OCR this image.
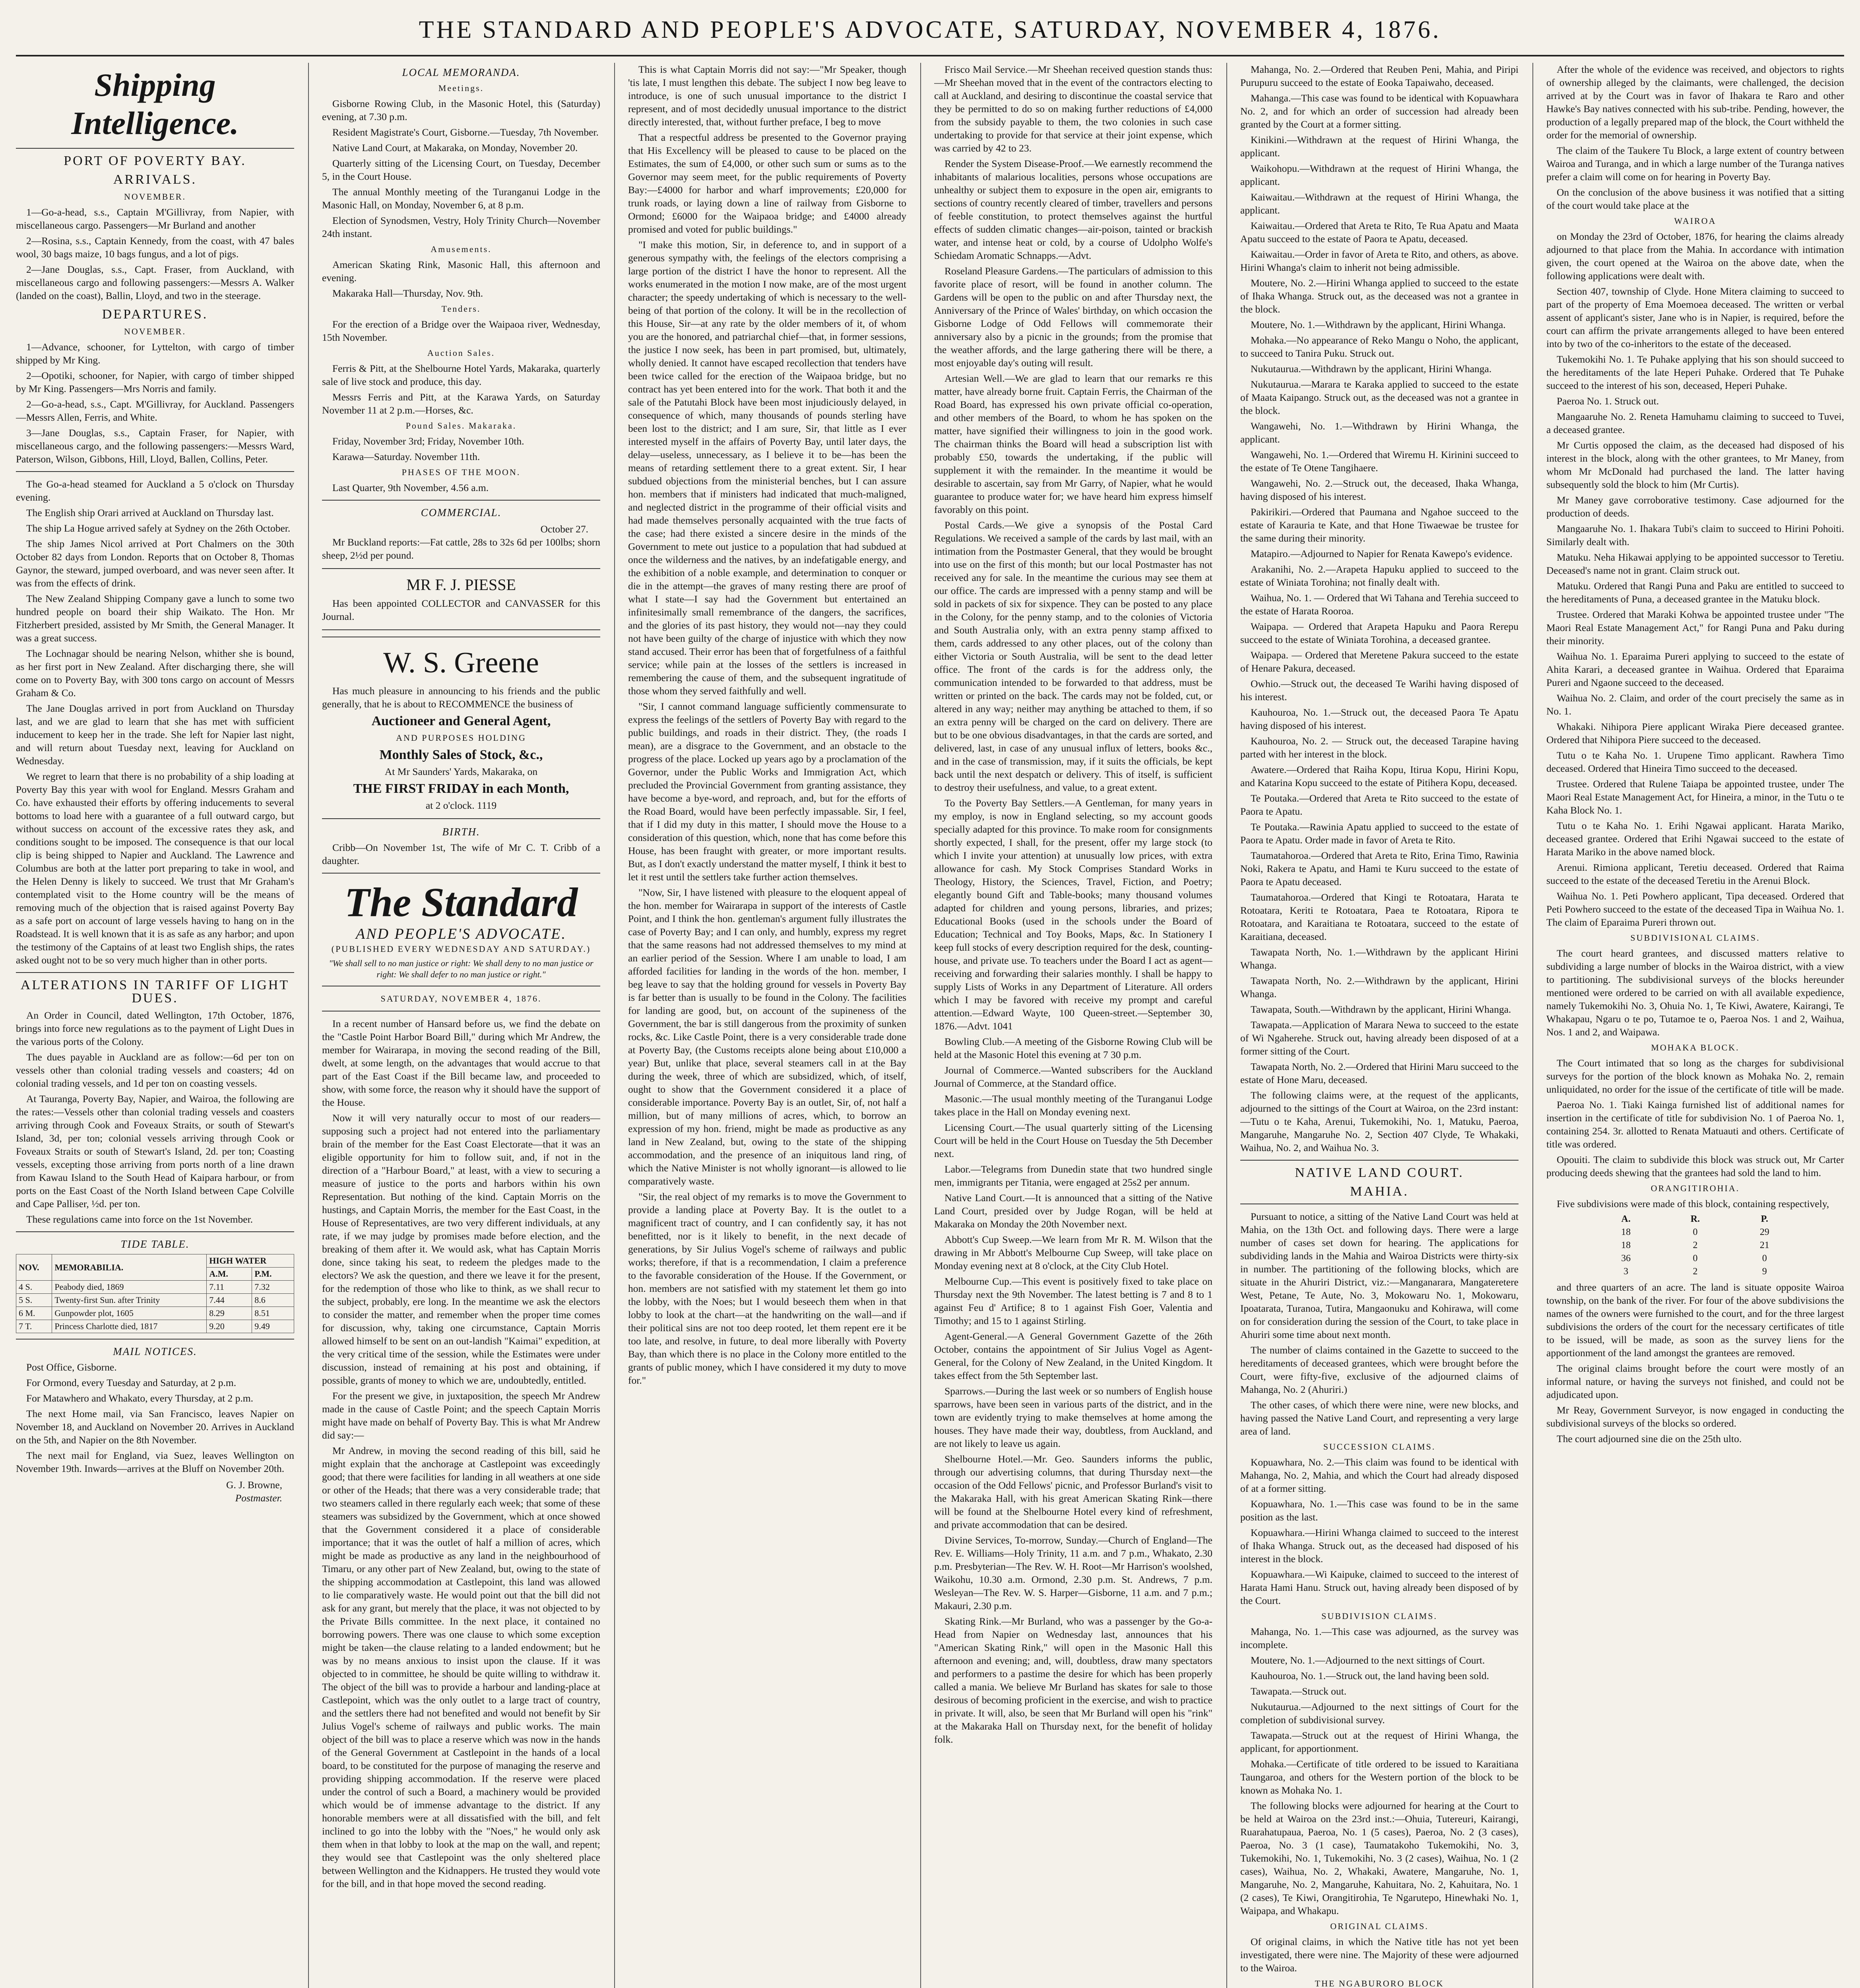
THE STANDARD AND PEOPLE'S ADVOCATE, SATURDAY, NOVEMBER 4, 1876.
Shipping Intelligence.
PORT OF POVERTY BAY.
ARRIVALS.
NOVEMBER.

1—Go-a-head, s.s., Captain M'Gillivray, from Napier, with miscellaneous cargo. Passengers—Mr Burland and another

2—Rosina, s.s., Captain Kennedy, from the coast, with 47 bales wool, 30 bags maize, 10 bags fungus, and a lot of pigs.

2—Jane Douglas, s.s., Capt. Fraser, from Auckland, with miscellaneous cargo and following passengers:—Messrs A. Walker (landed on the coast), Ballin, Lloyd, and two in the steerage.

DEPARTURES.
NOVEMBER.

1—Advance, schooner, for Lyttelton, with cargo of timber shipped by Mr King.

2—Opotiki, schooner, for Napier, with cargo of timber shipped by Mr King. Passengers—Mrs Norris and family.

2—Go-a-head, s.s., Capt. M'Gillivray, for Auckland. Passengers—Messrs Allen, Ferris, and White.

3—Jane Douglas, s.s., Captain Fraser, for Napier, with miscellaneous cargo, and the following passengers:—Messrs Ward, Paterson, Wilson, Gibbons, Hill, Lloyd, Ballen, Collins, Peter.

The Go-a-head steamed for Auckland a 5 o'clock on Thursday evening.

The English ship Orari arrived at Auckland on Thursday last.

The ship La Hogue arrived safely at Sydney on the 26th October.

The ship James Nicol arrived at Port Chalmers on the 30th October 82 days from London. Reports that on October 8, Thomas Gaynor, the steward, jumped overboard, and was never seen after. It was from the effects of drink.

The New Zealand Shipping Company gave a lunch to some two hundred people on board their ship Waikato. The Hon. Mr Fitzherbert presided, assisted by Mr Smith, the General Manager. It was a great success.

The Lochnagar should be nearing Nelson, whither she is bound, as her first port in New Zealand. After discharging there, she will come on to Poverty Bay, with 300 tons cargo on account of Messrs Graham & Co.

The Jane Douglas arrived in port from Auckland on Thursday last, and we are glad to learn that she has met with sufficient inducement to keep her in the trade. She left for Napier last night, and will return about Tuesday next, leaving for Auckland on Wednesday.

We regret to learn that there is no probability of a ship loading at Poverty Bay this year with wool for England. Messrs Graham and Co. have exhausted their efforts by offering inducements to several bottoms to load here with a guarantee of a full outward cargo, but without success on account of the excessive rates they ask, and conditions sought to be imposed. The consequence is that our local clip is being shipped to Napier and Auckland. The Lawrence and Columbus are both at the latter port preparing to take in wool, and the Helen Denny is likely to succeed. We trust that Mr Graham's contemplated visit to the Home country will be the means of removing much of the objection that is raised against Poverty Bay as a safe port on account of large vessels having to hang on in the Roadstead. It is well known that it is as safe as any harbor; and upon the testimony of the Captains of at least two English ships, the rates asked ought not to be so very much higher than in other ports.

ALTERATIONS IN TARIFF OF LIGHT DUES.

An Order in Council, dated Wellington, 17th October, 1876, brings into force new regulations as to the payment of Light Dues in the various ports of the Colony.

The dues payable in Auckland are as follow:—6d per ton on vessels other than colonial trading vessels and coasters; 4d on colonial trading vessels, and 1d per ton on coasting vessels.

At Tauranga, Poverty Bay, Napier, and Wairoa, the following are the rates:—Vessels other than colonial trading vessels and coasters arriving through Cook and Foveaux Straits, or south of Stewart's Island, 3d, per ton; colonial vessels arriving through Cook or Foveaux Straits or south of Stewart's Island, 2d. per ton; Coasting vessels, excepting those arriving from ports north of a line drawn from Kawau Island to the South Head of Kaipara harbour, or from ports on the East Coast of the North Island between Cape Colville and Cape Palliser, ½d. per ton.

These regulations came into force on the 1st November.

TIDE TABLE.
NOV.	MEMORABILIA.	HIGH WATER	
		A.M.	P.M.
4 S.	Peabody died, 1869	7.11	7.32
5 S.	Twenty-first Sun. after Trinity	7.44	8.6
6 M.	Gunpowder plot, 1605	8.29	8.51
7 T.	Princess Charlotte died, 1817	9.20	9.49
MAIL NOTICES.

Post Office, Gisborne.

For Ormond, every Tuesday and Saturday, at 2 p.m.

For Matawhero and Whakato, every Thursday, at 2 p.m.

The next Home mail, via San Francisco, leaves Napier on November 18, and Auckland on November 20. Arrives in Auckland on the 5th, and Napier on the 8th November.

The next mail for England, via Suez, leaves Wellington on November 19th. Inwards—arrives at the Bluff on November 20th.

G. J. Browne,

Postmaster.

LOCAL MEMORANDA.
Meetings.

Gisborne Rowing Club, in the Masonic Hotel, this (Saturday) evening, at 7.30 p.m.

Resident Magistrate's Court, Gisborne.—Tuesday, 7th November.

Native Land Court, at Makaraka, on Monday, November 20.

Quarterly sitting of the Licensing Court, on Tuesday, December 5, in the Court House.

The annual Monthly meeting of the Turanganui Lodge in the Masonic Hall, on Monday, November 6, at 8 p.m.

Election of Synodsmen, Vestry, Holy Trinity Church—November 24th instant.

Amusements.

American Skating Rink, Masonic Hall, this afternoon and evening.

Makaraka Hall—Thursday, Nov. 9th.

Tenders.

For the erection of a Bridge over the Waipaoa river, Wednesday, 15th November.

Auction Sales.

Ferris & Pitt, at the Shelbourne Hotel Yards, Makaraka, quarterly sale of live stock and produce, this day.

Messrs Ferris and Pitt, at the Karawa Yards, on Saturday November 11 at 2 p.m.—Horses, &c.

Pound Sales. Makaraka.

Friday, November 3rd; Friday, November 10th.

Karawa—Saturday. November 11th.

PHASES OF THE MOON.

Last Quarter, 9th November, 4.56 a.m.

COMMERCIAL.

October 27.

Mr Buckland reports:—Fat cattle, 28s to 32s 6d per 100lbs; shorn sheep, 2½d per pound.

MR F. J. PIESSE

Has been appointed COLLECTOR and CANVASSER for this Journal.

W. S. Greene

Has much pleasure in announcing to his friends and the public generally, that he is about to RECOMMENCE the business of

Auctioneer and General Agent,
AND PURPOSES HOLDING
Monthly Sales of Stock, &c.,

At Mr Saunders' Yards, Makaraka, on

THE FIRST FRIDAY in each Month,

at 2 o'clock. 1119

BIRTH.

Cribb—On November 1st, The wife of Mr C. T. Cribb of a daughter.

The Standard
AND PEOPLE'S ADVOCATE.
(PUBLISHED EVERY WEDNESDAY AND SATURDAY.)
"We shall sell to no man justice or right: We shall deny to no man justice or right: We shall defer to no man justice or right."
SATURDAY, NOVEMBER 4, 1876.

In a recent number of Hansard before us, we find the debate on the "Castle Point Harbor Board Bill," during which Mr Andrew, the member for Wairarapa, in moving the second reading of the Bill, dwelt, at some length, on the advantages that would accrue to that part of the East Coast if the Bill became law, and proceeded to show, with some force, the reason why it should have the support of the House.

Now it will very naturally occur to most of our readers—supposing such a project had not entered into the parliamentary brain of the member for the East Coast Electorate—that it was an eligible opportunity for him to follow suit, and, if not in the direction of a "Harbour Board," at least, with a view to securing a measure of justice to the ports and harbors within his own Representation. But nothing of the kind. Captain Morris on the hustings, and Captain Morris, the member for the East Coast, in the House of Representatives, are two very different individuals, at any rate, if we may judge by promises made before election, and the breaking of them after it. We would ask, what has Captain Morris done, since taking his seat, to redeem the pledges made to the electors? We ask the question, and there we leave it for the present, for the redemption of those who like to think, as we shall recur to the subject, probably, ere long. In the meantime we ask the electors to consider the matter, and remember when the proper time comes for discussion, why, taking one circumstance, Captain Morris allowed himself to be sent on an out-landish "Kaimai" expedition, at the very critical time of the session, while the Estimates were under discussion, instead of remaining at his post and obtaining, if possible, grants of money to which we are, undoubtedly, entitled.

For the present we give, in juxtaposition, the speech Mr Andrew made in the cause of Castle Point; and the speech Captain Morris might have made on behalf of Poverty Bay. This is what Mr Andrew did say:—

Mr Andrew, in moving the second reading of this bill, said he might explain that the anchorage at Castlepoint was exceedingly good; that there were facilities for landing in all weathers at one side or other of the Heads; that there was a very considerable trade; that two steamers called in there regularly each week; that some of these steamers was subsidized by the Government, which at once showed that the Government considered it a place of considerable importance; that it was the outlet of half a million of acres, which might be made as productive as any land in the neighbourhood of Timaru, or any other part of New Zealand, but, owing to the state of the shipping accommodation at Castlepoint, this land was allowed to lie comparatively waste. He would point out that the bill did not ask for any grant, but merely that the place, it was not objected to by the Private Bills committee. In the next place, it contained no borrowing powers. There was one clause to which some exception might be taken—the clause relating to a landed endowment; but he was by no means anxious to insist upon the clause. If it was objected to in committee, he should be quite willing to withdraw it. The object of the bill was to provide a harbour and landing-place at Castlepoint, which was the only outlet to a large tract of country, and the settlers there had not benefited and would not benefit by Sir Julius Vogel's scheme of railways and public works. The main object of the bill was to place a reserve which was now in the hands of the General Government at Castlepoint in the hands of a local board, to be constituted for the purpose of managing the reserve and providing shipping accommodation. If the reserve were placed under the control of such a Board, a machinery would be provided which would be of immense advantage to the district. If any honorable members were at all dissatisfied with the bill, and felt inclined to go into the lobby with the "Noes," he would only ask them when in that lobby to look at the map on the wall, and repent; they would see that Castlepoint was the only sheltered place between Wellington and the Kidnappers. He trusted they would vote for the bill, and in that hope moved the second reading.

This is what Captain Morris did not say:—"Mr Speaker, though 'tis late, I must lengthen this debate. The subject I now beg leave to introduce, is one of such unusual importance to the district I represent, and of most decidedly unusual importance to the district directly interested, that, without further preface, I beg to move

That a respectful address be presented to the Governor praying that His Excellency will be pleased to cause to be placed on the Estimates, the sum of £4,000, or other such sum or sums as to the Governor may seem meet, for the public requirements of Poverty Bay:—£4000 for harbor and wharf improvements; £20,000 for trunk roads, or laying down a line of railway from Gisborne to Ormond; £6000 for the Waipaoa bridge; and £4000 already promised and voted for public buildings."

"I make this motion, Sir, in deference to, and in support of a generous sympathy with, the feelings of the electors comprising a large portion of the district I have the honor to represent. All the works enumerated in the motion I now make, are of the most urgent character; the speedy undertaking of which is necessary to the well-being of that portion of the colony. It will be in the recollection of this House, Sir—at any rate by the older members of it, of whom you are the honored, and patriarchal chief—that, in former sessions, the justice I now seek, has been in part promised, but, ultimately, wholly denied. It cannot have escaped recollection that tenders have been twice called for the erection of the Waipaoa bridge, but no contract has yet been entered into for the work. That both it and the sale of the Patutahi Block have been most injudiciously delayed, in consequence of which, many thousands of pounds sterling have been lost to the district; and I am sure, Sir, that little as I ever interested myself in the affairs of Poverty Bay, until later days, the delay—useless, unnecessary, as I believe it to be—has been the means of retarding settlement there to a great extent. Sir, I hear subdued objections from the ministerial benches, but I can assure hon. members that if ministers had indicated that much-maligned, and neglected district in the programme of their official visits and had made themselves personally acquainted with the true facts of the case; had there existed a sincere desire in the minds of the Government to mete out justice to a population that had subdued at once the wilderness and the natives, by an indefatigable energy, and the exhibition of a noble example, and determination to conquer or die in the attempt—the graves of many resting there are proof of what I state—I say had the Government but entertained an infinitesimally small remembrance of the dangers, the sacrifices, and the glories of its past history, they would not—nay they could not have been guilty of the charge of injustice with which they now stand accused. Their error has been that of forgetfulness of a faithful service; while pain at the losses of the settlers is increased in remembering the cause of them, and the subsequent ingratitude of those whom they served faithfully and well.

"Sir, I cannot command language sufficiently commensurate to express the feelings of the settlers of Poverty Bay with regard to the public buildings, and roads in their district. They, (the roads I mean), are a disgrace to the Government, and an obstacle to the progress of the place. Locked up years ago by a proclamation of the Governor, under the Public Works and Immigration Act, which precluded the Provincial Government from granting assistance, they have become a bye-word, and reproach, and, but for the efforts of the Road Board, would have been perfectly impassable. Sir, I feel, that if I did my duty in this matter, I should move the House to a consideration of this question, which, none that has come before this House, has been fraught with greater, or more important results. But, as I don't exactly understand the matter myself, I think it best to let it rest until the settlers take further action themselves.

"Now, Sir, I have listened with pleasure to the eloquent appeal of the hon. member for Wairarapa in support of the interests of Castle Point, and I think the hon. gentleman's argument fully illustrates the case of Poverty Bay; and I can only, and humbly, express my regret that the same reasons had not addressed themselves to my mind at an earlier period of the Session. Where I am unable to load, I am afforded facilities for landing in the words of the hon. member, I beg leave to say that the holding ground for vessels in Poverty Bay is far better than is usually to be found in the Colony. The facilities for landing are good, but, on account of the supineness of the Government, the bar is still dangerous from the proximity of sunken rocks, &c. Like Castle Point, there is a very considerable trade done at Poverty Bay, (the Customs receipts alone being about £10,000 a year) But, unlike that place, several steamers call in at the Bay during the week, three of which are subsidized, which, of itself, ought to show that the Government considered it a place of considerable importance. Poverty Bay is an outlet, Sir, of, not half a million, but of many millions of acres, which, to borrow an expression of my hon. friend, might be made as productive as any land in New Zealand, but, owing to the state of the shipping accommodation, and the presence of an iniquitous land ring, of which the Native Minister is not wholly ignorant—is allowed to lie comparatively waste.

"Sir, the real object of my remarks is to move the Government to provide a landing place at Poverty Bay. It is the outlet to a magnificent tract of country, and I can confidently say, it has not benefitted, nor is it likely to benefit, in the next decade of generations, by Sir Julius Vogel's scheme of railways and public works; therefore, if that is a recommendation, I claim a preference to the favorable consideration of the House. If the Government, or hon. members are not satisfied with my statement let them go into the lobby, with the Noes; but I would beseech them when in that lobby to look at the chart—at the handwriting on the wall—and if their political sins are not too deep rooted, let them repent ere it be too late, and resolve, in future, to deal more liberally with Poverty Bay, than which there is no place in the Colony more entitled to the grants of public money, which I have considered it my duty to move for."

Frisco Mail Service.—Mr Sheehan received question stands thus:—Mr Sheehan moved that in the event of the contractors electing to call at Auckland, and desiring to discontinue the coastal service that they be permitted to do so on making further reductions of £4,000 from the subsidy payable to them, the two colonies in such case undertaking to provide for that service at their joint expense, which was carried by 42 to 23.

Render the System Disease-Proof.—We earnestly recommend the inhabitants of malarious localities, persons whose occupations are unhealthy or subject them to exposure in the open air, emigrants to sections of country recently cleared of timber, travellers and persons of feeble constitution, to protect themselves against the hurtful effects of sudden climatic changes—air-poison, tainted or brackish water, and intense heat or cold, by a course of Udolpho Wolfe's Schiedam Aromatic Schnapps.—Advt.

Roseland Pleasure Gardens.—The particulars of admission to this favorite place of resort, will be found in another column. The Gardens will be open to the public on and after Thursday next, the Anniversary of the Prince of Wales' birthday, on which occasion the Gisborne Lodge of Odd Fellows will commemorate their anniversary also by a picnic in the grounds; from the promise that the weather affords, and the large gathering there will be there, a most enjoyable day's outing will result.

Artesian Well.—We are glad to learn that our remarks re this matter, have already borne fruit. Captain Ferris, the Chairman of the Road Board, has expressed his own private official co-operation, and other members of the Board, to whom he has spoken on the matter, have signified their willingness to join in the good work. The chairman thinks the Board will head a subscription list with probably £50, towards the undertaking, if the public will supplement it with the remainder. In the meantime it would be desirable to ascertain, say from Mr Garry, of Napier, what he would guarantee to produce water for; we have heard him express himself favorably on this point.

Postal Cards.—We give a synopsis of the Postal Card Regulations. We received a sample of the cards by last mail, with an intimation from the Postmaster General, that they would be brought into use on the first of this month; but our local Postmaster has not received any for sale. In the meantime the curious may see them at our office. The cards are impressed with a penny stamp and will be sold in packets of six for sixpence. They can be posted to any place in the Colony, for the penny stamp, and to the colonies of Victoria and South Australia only, with an extra penny stamp affixed to them, cards addressed to any other places, out of the colony than either Victoria or South Australia, will be sent to the dead letter office. The front of the cards is for the address only, the communication intended to be forwarded to that address, must be written or printed on the back. The cards may not be folded, cut, or altered in any way; neither may anything be attached to them, if so an extra penny will be charged on the card on delivery. There are but to be one obvious disadvantages, in that the cards are sorted, and delivered, last, in case of any unusual influx of letters, books &c., and in the case of transmission, may, if it suits the officials, be kept back until the next despatch or delivery. This of itself, is sufficient to destroy their usefulness, and value, to a great extent.

To the Poverty Bay Settlers.—A Gentleman, for many years in my employ, is now in England selecting, so my account goods specially adapted for this province. To make room for consignments shortly expected, I shall, for the present, offer my large stock (to which I invite your attention) at unusually low prices, with extra allowance for cash. My Stock Comprises Standard Works in Theology, History, the Sciences, Travel, Fiction, and Poetry; elegantly bound Gift and Table-books; many thousand volumes adapted for children and young persons, libraries, and prizes; Educational Books (used in the schools under the Board of Education; Technical and Toy Books, Maps, &c. In Stationery I keep full stocks of every description required for the desk, counting-house, and private use. To teachers under the Board I act as agent—receiving and forwarding their salaries monthly. I shall be happy to supply Lists of Works in any Department of Literature. All orders which I may be favored with receive my prompt and careful attention.—Edward Wayte, 100 Queen-street.—September 30, 1876.—Advt. 1041

Bowling Club.—A meeting of the Gisborne Rowing Club will be held at the Masonic Hotel this evening at 7 30 p.m.

Journal of Commerce.—Wanted subscribers for the Auckland Journal of Commerce, at the Standard office.

Masonic.—The usual monthly meeting of the Turanganui Lodge takes place in the Hall on Monday evening next.

Licensing Court.—The usual quarterly sitting of the Licensing Court will be held in the Court House on Tuesday the 5th December next.

Labor.—Telegrams from Dunedin state that two hundred single men, immigrants per Titania, were engaged at 25s2 per annum.

Native Land Court.—It is announced that a sitting of the Native Land Court, presided over by Judge Rogan, will be held at Makaraka on Monday the 20th November next.

Abbott's Cup Sweep.—We learn from Mr R. M. Wilson that the drawing in Mr Abbott's Melbourne Cup Sweep, will take place on Monday evening next at 8 o'clock, at the City Club Hotel.

Melbourne Cup.—This event is positively fixed to take place on Thursday next the 9th November. The latest betting is 7 and 8 to 1 against Feu d' Artifice; 8 to 1 against Fish Goer, Valentia and Timothy; and 15 to 1 against Stirling.

Agent-General.—A General Government Gazette of the 26th October, contains the appointment of Sir Julius Vogel as Agent-General, for the Colony of New Zealand, in the United Kingdom. It takes effect from the 5th September last.

Sparrows.—During the last week or so numbers of English house sparrows, have been seen in various parts of the district, and in the town are evidently trying to make themselves at home among the houses. They have made their way, doubtless, from Auckland, and are not likely to leave us again.

Shelbourne Hotel.—Mr. Geo. Saunders informs the public, through our advertising columns, that during Thursday next—the occasion of the Odd Fellows' picnic, and Professor Burland's visit to the Makaraka Hall, with his great American Skating Rink—there will be found at the Shelbourne Hotel every kind of refreshment, and private accommodation that can be desired.

Divine Services, To-morrow, Sunday.—Church of England—The Rev. E. Williams—Holy Trinity, 11 a.m. and 7 p.m., Whakato, 2.30 p.m. Presbyterian—The Rev. W. H. Root—Mr Harrison's woolshed, Waikohu, 10.30 a.m. Ormond, 2.30 p.m. St. Andrews, 7 p.m. Wesleyan—The Rev. W. S. Harper—Gisborne, 11 a.m. and 7 p.m.; Makauri, 2.30 p.m.

Skating Rink.—Mr Burland, who was a passenger by the Go-a-Head from Napier on Wednesday last, announces that his "American Skating Rink," will open in the Masonic Hall this afternoon and evening; and, will, doubtless, draw many spectators and performers to a pastime the desire for which has been properly called a mania. We believe Mr Burland has skates for sale to those desirous of becoming proficient in the exercise, and wish to practice in private. It will, also, be seen that Mr Burland will open his "rink" at the Makaraka Hall on Thursday next, for the benefit of holiday folk.

Mahanga, No. 2.—Ordered that Reuben Peni, Mahia, and Piripi Purupuru succeed to the estate of Eooka Tapaiwaho, deceased.

Mahanga.—This case was found to be identical with Kopuawhara No. 2, and for which an order of succession had already been granted by the Court at a former sitting.

Kinikini.—Withdrawn at the request of Hirini Whanga, the applicant.

Waikohopu.—Withdrawn at the request of Hirini Whanga, the applicant.

Kaiwaitau.—Withdrawn at the request of Hirini Whanga, the applicant.

Kaiwaitau.—Ordered that Areta te Rito, Te Rua Apatu and Maata Apatu succeed to the estate of Paora te Apatu, deceased.

Kaiwaitau.—Order in favor of Areta te Rito, and others, as above. Hirini Whanga's claim to inherit not being admissible.

Moutere, No. 2.—Hirini Whanga applied to succeed to the estate of Ihaka Whanga. Struck out, as the deceased was not a grantee in the block.

Moutere, No. 1.—Withdrawn by the applicant, Hirini Whanga.

Mohaka.—No appearance of Reko Mangu o Noho, the applicant, to succeed to Tanira Puku. Struck out.

Nukutaurua.—Withdrawn by the applicant, Hirini Whanga.

Nukutaurua.—Marara te Karaka applied to succeed to the estate of Maata Kaipango. Struck out, as the deceased was not a grantee in the block.

Wangawehi, No. 1.—Withdrawn by Hirini Whanga, the applicant.

Wangawehi, No. 1.—Ordered that Wiremu H. Kirinini succeed to the estate of Te Otene Tangihaere.

Wangawehi, No. 2.—Struck out, the deceased, Ihaka Whanga, having disposed of his interest.

Pakirikiri.—Ordered that Paumana and Ngahoe succeed to the estate of Karauria te Kate, and that Hone Tiwaewae be trustee for the same during their minority.

Matapiro.—Adjourned to Napier for Renata Kawepo's evidence.

Arakanihi, No. 2.—Arapeta Hapuku applied to succeed to the estate of Winiata Torohina; not finally dealt with.

Waihua, No. 1. — Ordered that Wi Tahana and Terehia succeed to the estate of Harata Rooroa.

Waipapa. — Ordered that Arapeta Hapuku and Paora Rerepu succeed to the estate of Winiata Torohina, a deceased grantee.

Waipapa. — Ordered that Meretene Pakura succeed to the estate of Henare Pakura, deceased.

Owhio.—Struck out, the deceased Te Warihi having disposed of his interest.

Kauhouroa, No. 1.—Struck out, the deceased Paora Te Apatu having disposed of his interest.

Kauhouroa, No. 2. — Struck out, the deceased Tarapine having parted with her interest in the block.

Awatere.—Ordered that Raiha Kopu, Itirua Kopu, Hirini Kopu, and Katarina Kopu succeed to the estate of Pitihera Kopu, deceased.

Te Poutaka.—Ordered that Areta te Rito succeed to the estate of Paora te Apatu.

Te Poutaka.—Rawinia Apatu applied to succeed to the estate of Paora te Apatu. Order made in favor of Areta te Rito.

Taumatahoroa.—Ordered that Areta te Rito, Erina Timo, Rawinia Noki, Rakera te Apatu, and Hami te Kuru succeed to the estate of Paora te Apatu deceased.

Taumatahoroa.—Ordered that Kingi te Rotoatara, Harata te Rotoatara, Keriti te Rotoatara, Paea te Rotoatara, Ripora te Rotoatara, and Karaitiana te Rotoatara, succeed to the estate of Karaitiana, deceased.

Tawapata North, No. 1.—Withdrawn by the applicant Hirini Whanga.

Tawapata North, No. 2.—Withdrawn by the applicant, Hirini Whanga.

Tawapata, South.—Withdrawn by the applicant, Hirini Whanga.

Tawapata.—Application of Marara Newa to succeed to the estate of Wi Ngaherehe. Struck out, having already been disposed of at a former sitting of the Court.

Tawapata North, No. 2.—Ordered that Hirini Maru succeed to the estate of Hone Maru, deceased.

The following claims were, at the request of the applicants, adjourned to the sittings of the Court at Wairoa, on the 23rd instant:—Tutu o te Kaha, Arenui, Tukemokihi, No. 1, Matuku, Paeroa, Mangaruhe, Mangaruhe No. 2, Section 407 Clyde, Te Whakaki, Waihua, No. 2, and Waihua No. 3.

NATIVE LAND COURT.
MAHIA.

Pursuant to notice, a sitting of the Native Land Court was held at Mahia, on the 13th Oct. and following days. There were a large number of cases set down for hearing. The applications for subdividing lands in the Mahia and Wairoa Districts were thirty-six in number. The partitioning of the following blocks, which are situate in the Ahuriri District, viz.:—Manganarara, Mangateretere West, Petane, Te Aute, No. 3, Mokowaru No. 1, Mokowaru, Ipoatarata, Turanoa, Tutira, Mangaonuku and Kohirawa, will come on for consideration during the session of the Court, to take place in Ahuriri some time about next month.

The number of claims contained in the Gazette to succeed to the hereditaments of deceased grantees, which were brought before the Court, were fifty-five, exclusive of the adjourned claims of Mahanga, No. 2 (Ahuriri.)

The other cases, of which there were nine, were new blocks, and having passed the Native Land Court, and representing a very large area of land.

SUCCESSION CLAIMS.

Kopuawhara, No. 2.—This claim was found to be identical with Mahanga, No. 2, Mahia, and which the Court had already disposed of at a former sitting.

Kopuawhara, No. 1.—This case was found to be in the same position as the last.

Kopuawhara.—Hirini Whanga claimed to succeed to the interest of Ihaka Whanga. Struck out, as the deceased had disposed of his interest in the block.

Kopuawhara.—Wi Kaipuke, claimed to succeed to the interest of Harata Hami Hanu. Struck out, having already been disposed of by the Court.

SUBDIVISION CLAIMS.

Mahanga, No. 1.—This case was adjourned, as the survey was incomplete.

Moutere, No. 1.—Adjourned to the next sittings of Court.

Kauhouroa, No. 1.—Struck out, the land having been sold.

Tawapata.—Struck out.

Nukutaurua.—Adjourned to the next sittings of Court for the completion of subdivisional survey.

Tawapata.—Struck out at the request of Hirini Whanga, the applicant, for apportionment.

Mohaka.—Certificate of title ordered to be issued to Karaitiana Taungaroa, and others for the Western portion of the block to be known as Mohaka No. 1.

The following blocks were adjourned for hearing at the Court to be held at Wairoa on the 23rd inst.:—Ohuia, Tutereuri, Kairangi, Ruarahatupaua, Paeroa, No. 1 (5 cases), Paeroa, No. 2 (3 cases), Paeroa, No. 3 (1 case), Taumatakoho Tukemokihi, No. 3, Tukemokihi, No. 1, Tukemokihi, No. 3 (2 cases), Waihua, No. 1 (2 cases), Waihua, No. 2, Whakaki, Awatere, Mangaruhe, No. 1, Mangaruhe, No. 2, Mangaruhe, Kahuitara, No. 2, Kahuitara, No. 1 (2 cases), Te Kiwi, Orangitirohia, Te Ngarutepo, Hinewhaki No. 1, Waipapa, and Whakapu.

ORIGINAL CLAIMS.

Of original claims, in which the Native title has not yet been investigated, there were nine. The Majority of these were adjourned to the Wairoa.

THE NGABURORO BLOCK

After the whole of the evidence was received, and objectors to rights of ownership alleged by the claimants, were challenged, the decision arrived at by the Court was in favor of Ihakara te Raro and other Hawke's Bay natives connected with his sub-tribe. Pending, however, the production of a legally prepared map of the block, the Court withheld the order for the memorial of ownership.

The claim of the Taukere Tu Block, a large extent of country between Wairoa and Turanga, and in which a large number of the Turanga natives prefer a claim will come on for hearing in Poverty Bay.

On the conclusion of the above business it was notified that a sitting of the court would take place at the

WAIROA

on Monday the 23rd of October, 1876, for hearing the claims already adjourned to that place from the Mahia. In accordance with intimation given, the court opened at the Wairoa on the above date, when the following applications were dealt with.

Section 407, township of Clyde. Hone Mitera claiming to succeed to part of the property of Ema Moemoea deceased. The written or verbal assent of applicant's sister, Jane who is in Napier, is required, before the court can affirm the private arrangements alleged to have been entered into by two of the co-inheritors to the estate of the deceased.

Tukemokihi No. 1. Te Puhake applying that his son should succeed to the hereditaments of the late Heperi Puhake. Ordered that Te Puhake succeed to the interest of his son, deceased, Heperi Puhake.

Paeroa No. 1. Struck out.

Mangaaruhe No. 2. Reneta Hamuhamu claiming to succeed to Tuvei, a deceased grantee.

Mr Curtis opposed the claim, as the deceased had disposed of his interest in the block, along with the other grantees, to Mr Maney, from whom Mr McDonald had purchased the land. The latter having subsequently sold the block to him (Mr Curtis).

Mr Maney gave corroborative testimony. Case adjourned for the production of deeds.

Mangaaruhe No. 1. Ihakara Tubi's claim to succeed to Hirini Pohoiti. Similarly dealt with.

Matuku. Neha Hikawai applying to be appointed successor to Teretiu. Deceased's name not in grant. Claim struck out.

Matuku. Ordered that Rangi Puna and Paku are entitled to succeed to the hereditaments of Puna, a deceased grantee in the Matuku block.

Trustee. Ordered that Maraki Kohwa be appointed trustee under "The Maori Real Estate Management Act," for Rangi Puna and Paku during their minority.

Waihua No. 1. Eparaima Pureri applying to succeed to the estate of Ahita Karari, a deceased grantee in Waihua. Ordered that Eparaima Pureri and Ngaone succeed to the deceased.

Waihua No. 2. Claim, and order of the court precisely the same as in No. 1.

Whakaki. Nihipora Piere applicant Wiraka Piere deceased grantee. Ordered that Nihipora Piere succeed to the deceased.

Tutu o te Kaha No. 1. Urupene Timo applicant. Rawhera Timo deceased. Ordered that Hineira Timo succeed to the deceased.

Trustee. Ordered that Rulene Taiapa be appointed trustee, under The Maori Real Estate Management Act, for Hineira, a minor, in the Tutu o te Kaha Block No. 1.

Tutu o te Kaha No. 1. Erihi Ngawai applicant. Harata Mariko, deceased grantee. Ordered that Erihi Ngawai succeed to the estate of Harata Mariko in the above named block.

Arenui. Rimiona applicant, Teretiu deceased. Ordered that Raima succeed to the estate of the deceased Teretiu in the Arenui Block.

Waihua No. 1. Peti Powhero applicant, Tipa deceased. Ordered that Peti Powhero succeed to the estate of the deceased Tipa in Waihua No. 1. The claim of Eparaima Pureri thrown out.

SUBDIVISIONAL CLAIMS.

The court heard grantees, and discussed matters relative to subdividing a large number of blocks in the Wairoa district, with a view to partitioning. The subdivisional surveys of the blocks hereunder mentioned were ordered to be carried on with all available expedience, namely Tukemokihi No. 3, Ohuia No. 1, Te Kiwi, Awatere, Kairangi, Te Whakapau, Ngaru o te po, Tutamoe te o, Paeroa Nos. 1 and 2, Waihua, Nos. 1 and 2, and Waipawa.

MOHAKA BLOCK.

The Court intimated that so long as the charges for subdivisional surveys for the portion of the block known as Mohaka No. 2, remain unliquidated, no order for the issue of the certificate of title will be made.

Paeroa No. 1. Tiaki Kainga furnished list of additional names for insertion in the certificate of title for subdivision No. 1 of Paeroa No. 1, containing 254. 3r. allotted to Renata Matuauti and others. Certificate of title was ordered.

Opouiti. The claim to subdivide this block was struck out, Mr Carter producing deeds shewing that the grantees had sold the land to him.

ORANGITIROHIA.

Five subdivisions were made of this block, containing respectively,

A.	R.	P.
18	0	29
18	2	21
36	0	0
3	2	9

and three quarters of an acre. The land is situate opposite Wairoa township, on the bank of the river. For four of the above subdivisions the names of the owners were furnished to the court, and for the three largest subdivisions the orders of the court for the necessary certificates of title to be issued, will be made, as soon as the survey liens for the apportionment of the land amongst the grantees are removed.

The original claims brought before the court were mostly of an informal nature, or having the surveys not finished, and could not be adjudicated upon.

Mr Reay, Government Surveyor, is now engaged in conducting the subdivisional surveys of the blocks so ordered.

The court adjourned sine die on the 25th ulto.
